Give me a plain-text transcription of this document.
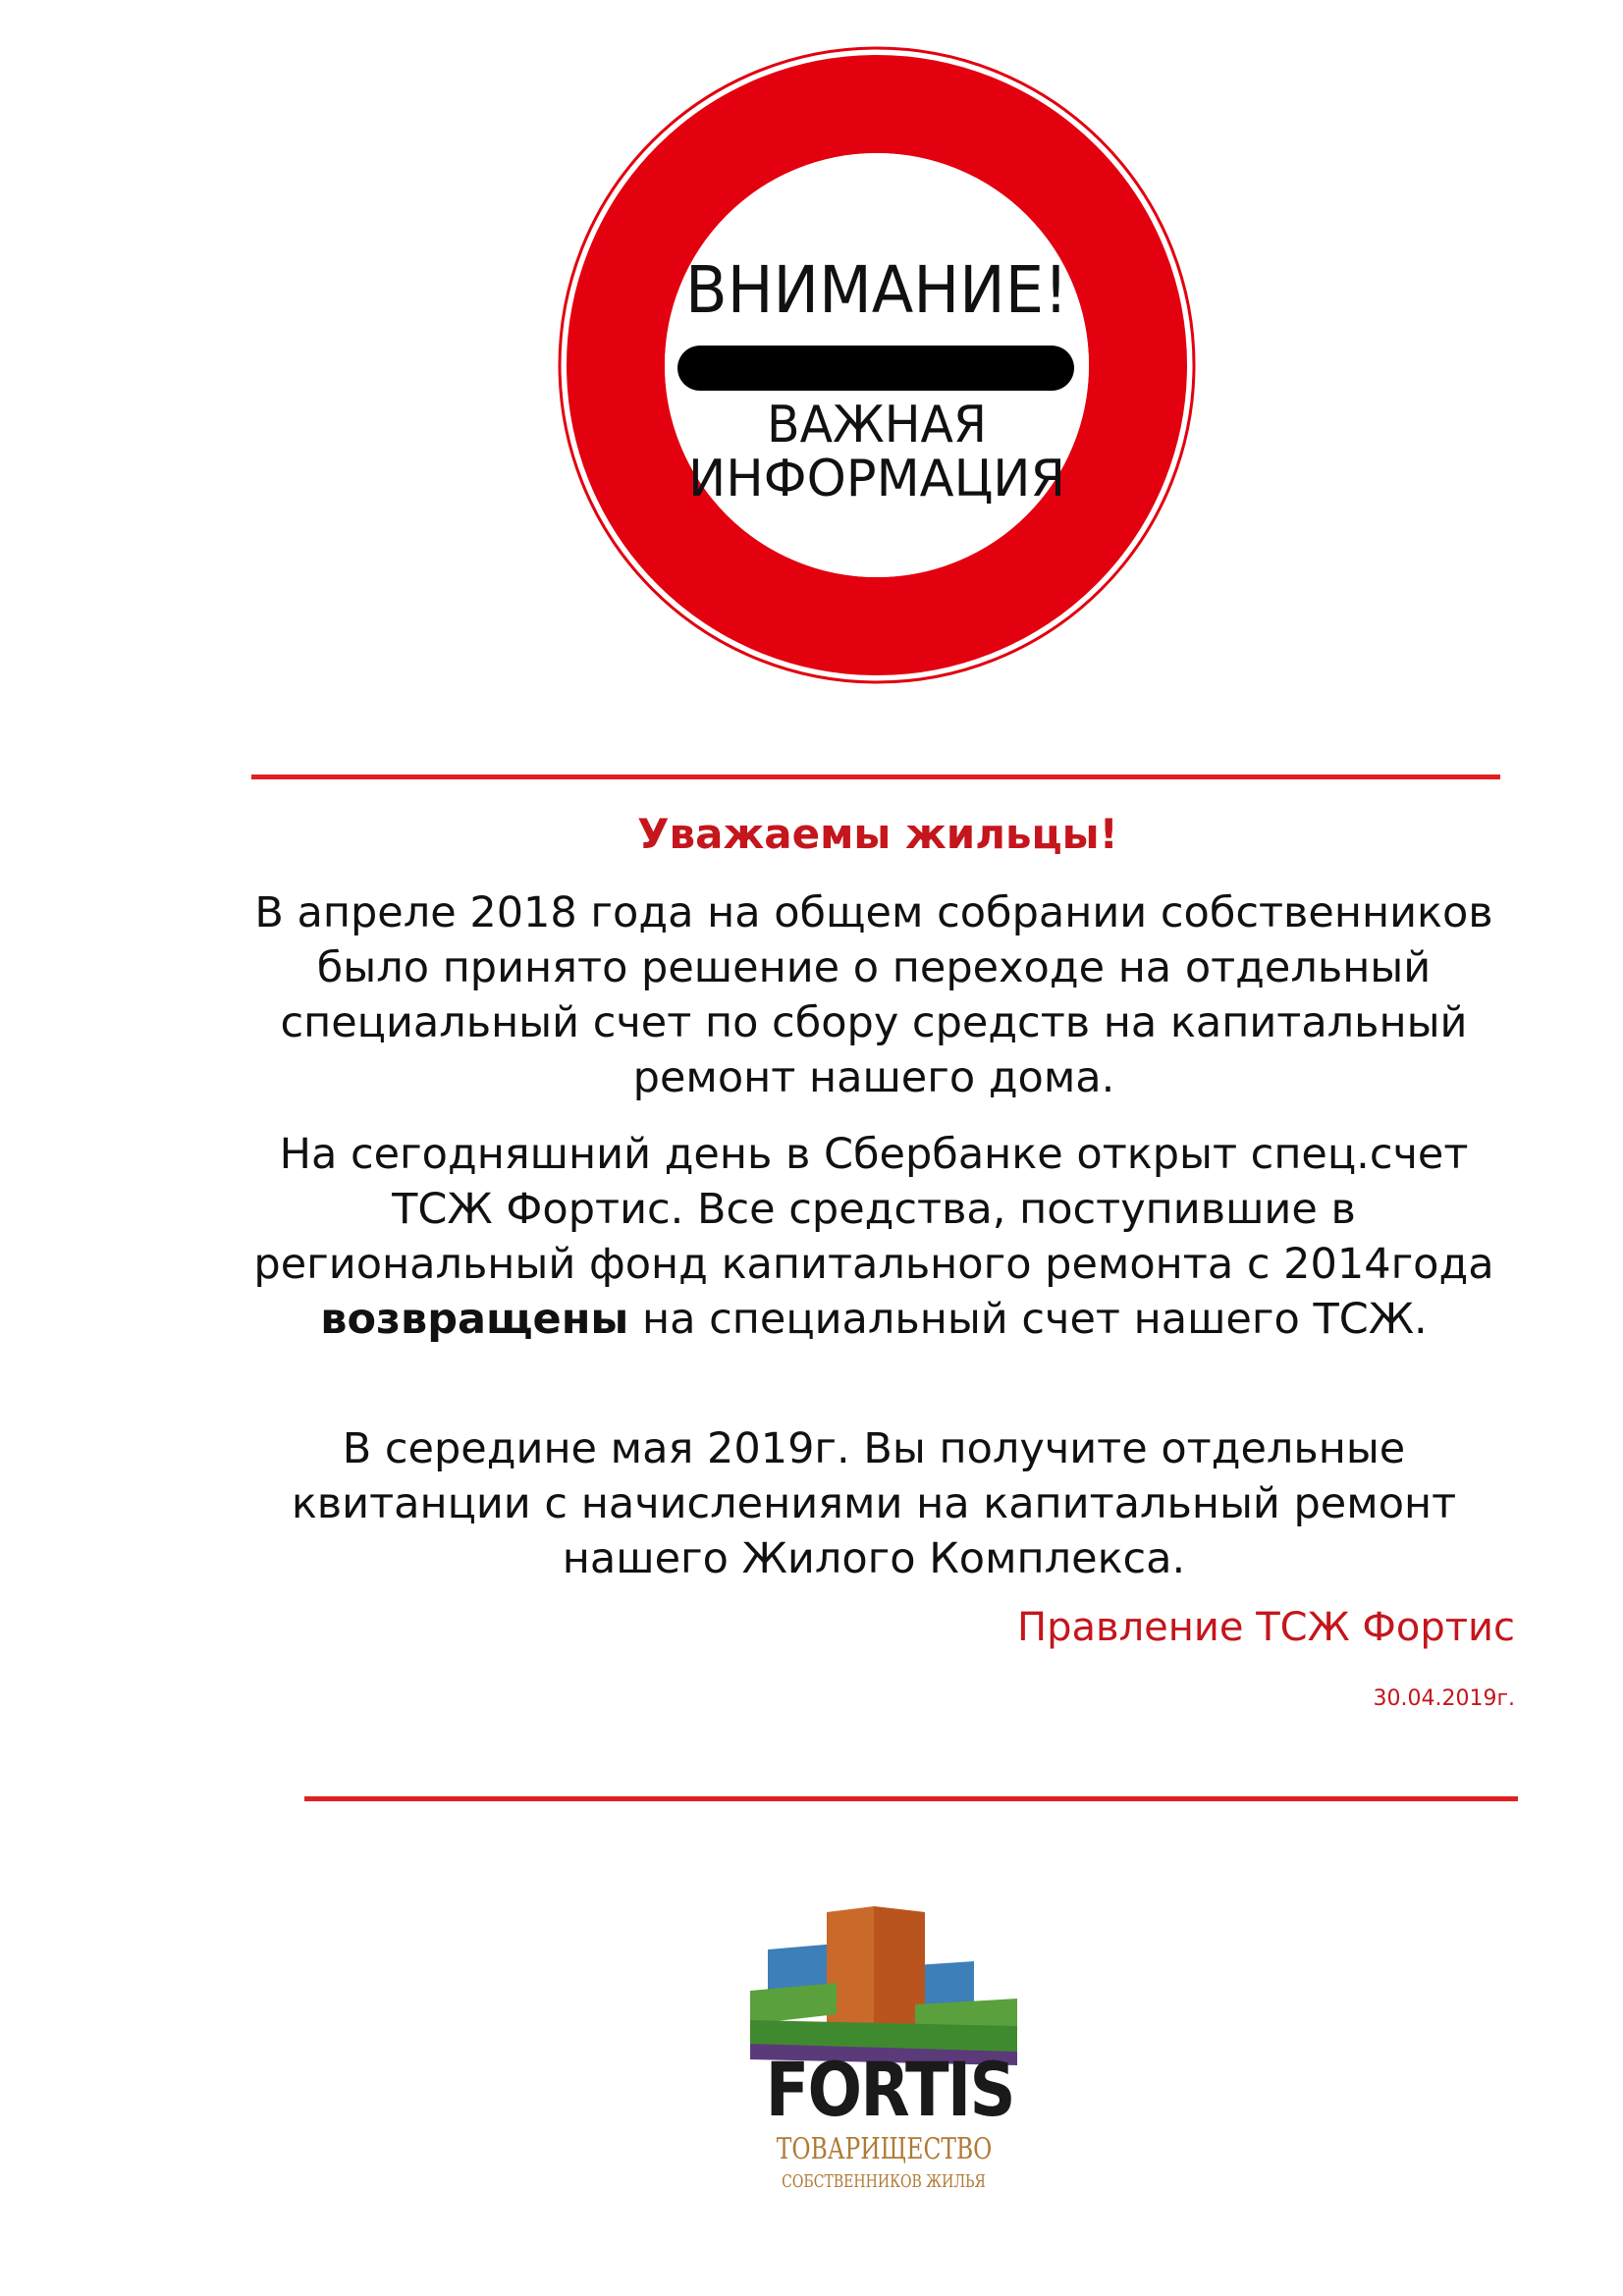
ВНИМАНИЕ!
ВАЖНАЯ
ИНФОРМАЦИЯ

Уважаемы жильцы!

В апреле 2018 года на общем собрании собственников было принято решение о переходе на отдельный специальный счет по сбору средств на капитальный ремонт нашего дома.

На сегодняшний день в Сбербанке открыт спец.счет ТСЖ Фортис. Все средства, поступившие в региональный фонд капитального ремонта с 2014года возвращены на специальный счет нашего ТСЖ.

В середине мая 2019г. Вы получите отдельные квитанции с начислениями на капитальный ремонт нашего Жилого Комплекса.

Правление ТСЖ Фортис

30.04.2019г.

FORTIS

ТОВАРИЩЕСТВО

СОБСТВЕННИКОВ ЖИЛЬЯ
